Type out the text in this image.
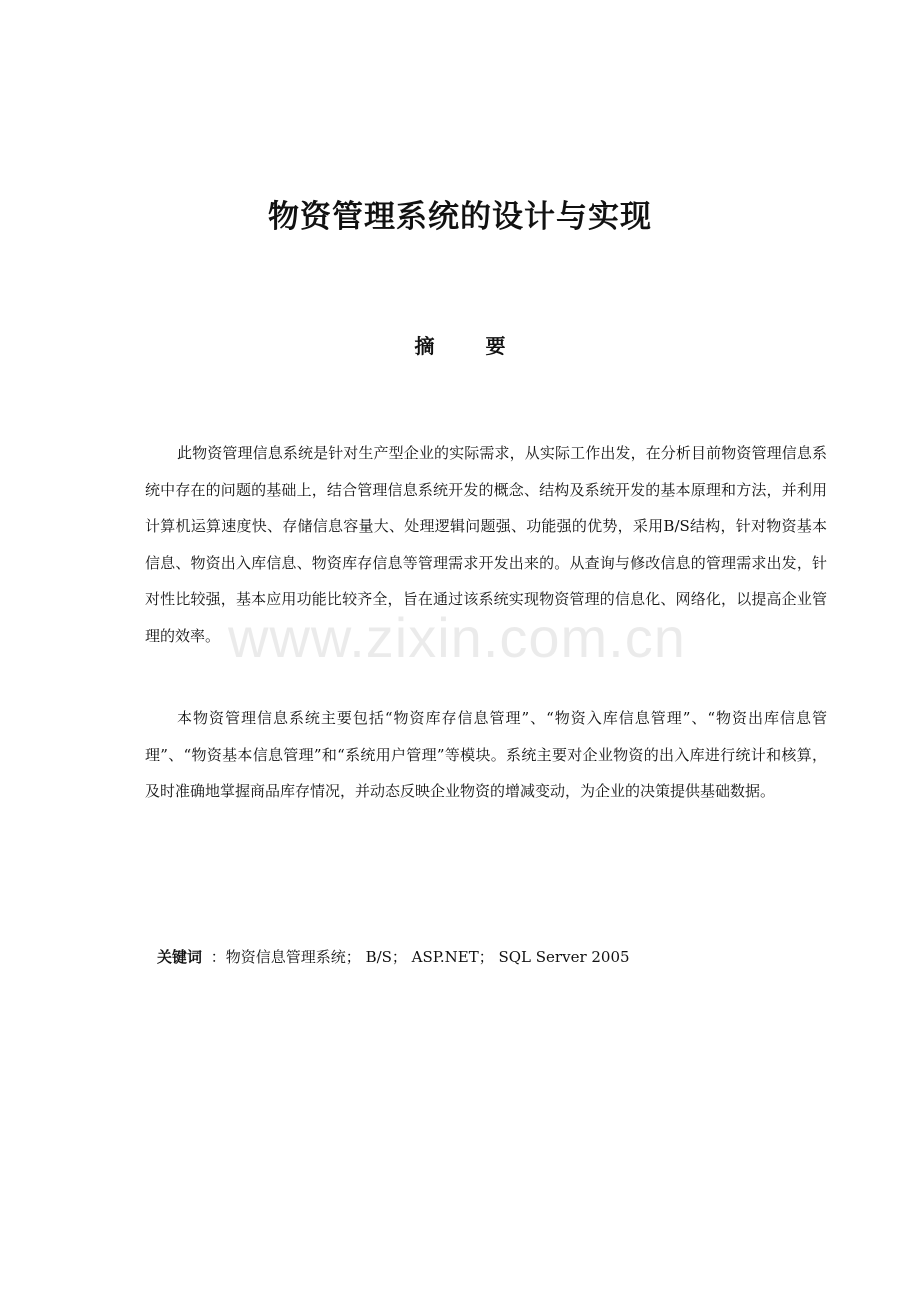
www.zixin.com.cn
物资管理系统的设计与实现
摘 要

此物资管理信息系统是针对生产型企业的实际需求，从实际工作出发，在分析目前物资管理信息系统中存在的问题的基础上，结合管理信息系统开发的概念、结构及系统开发的基本原理和方法，并利用计算机运算速度快、存储信息容量大、处理逻辑问题强、功能强的优势，采用B/S结构，针对物资基本信息、物资出入库信息、物资库存信息等管理需求开发出来的。从查询与修改信息的管理需求出发，针对性比较强，基本应用功能比较齐全，旨在通过该系统实现物资管理的信息化、网络化，以提高企业管理的效率。

本物资管理信息系统主要包括“物资库存信息管理”、“物资入库信息管理”、“物资出库信息管理”、“物资基本信息管理”和“系统用户管理”等模块。系统主要对企业物资的出入库进行统计和核算，及时准确地掌握商品库存情况，并动态反映企业物资的增减变动，为企业的决策提供基础数据。

关键词 ：物资信息管理系统； B/S； ASP.NET； SQL Server 2005
